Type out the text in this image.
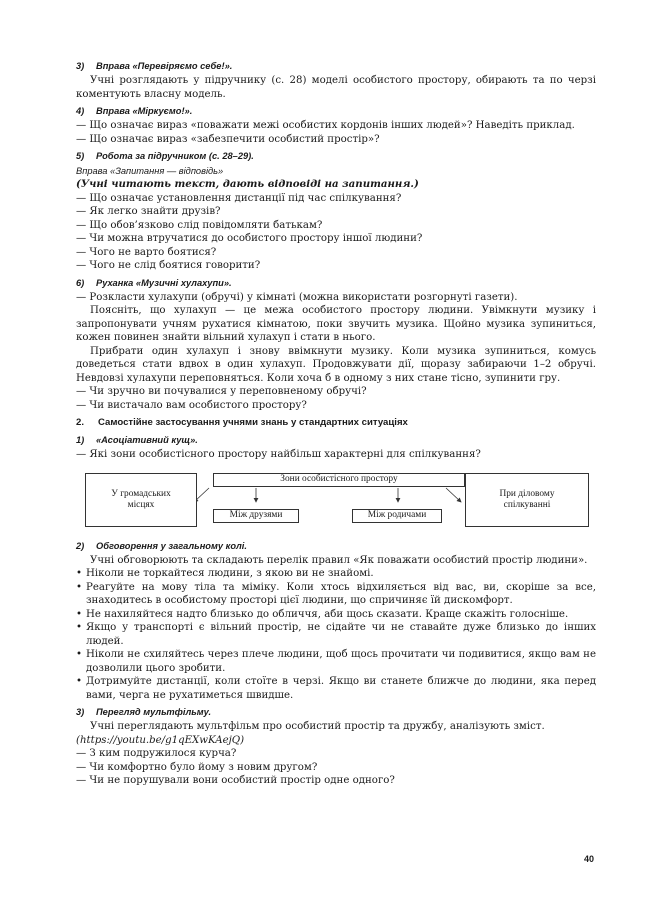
3) Вправа «Перевіряємо себе!».

Учні розглядають у підручнику (с. 28) моделі особистого простору, обирають та по черзі коментують власну модель.

4) Вправа «Міркуємо!».

— Що означає вираз «поважати межі особистих кордонів інших людей»? Наведіть приклад.

— Що означає вираз «забезпечити особистий простір»?

5) Робота за підручником (с. 28–29).
Вправа «Запитання — відповідь»
(Учні читають текст, дають відповіді на запитання.)

— Що означає установлення дистанції під час спілкування?

— Як легко знайти друзів?

— Що обов’язково слід повідомляти батькам?

— Чи можна втручатися до особистого простору іншої людини?

— Чого не варто боятися?

— Чого не слід боятися говорити?

6) Руханка «Музичні хулахупи».

— Розкласти хулахупи (обручі) у кімнаті (можна використати розгорнуті газети).

Поясніть, що хулахуп — це межа особистого простору людини. Увімкнути музику і запропонувати учням рухатися кімнатою, поки звучить музика. Щойно музика зупиниться, кожен повинен знайти вільний хулахуп і стати в нього.

Прибрати один хулахуп і знову ввімкнути музику. Коли музика зупиниться, комусь доведеться стати вдвох в один хулахуп. Продовжувати дії, щоразу забираючи 1–2 обручі. Невдовзі хулахупи переповняться. Коли хоча б в одному з них стане тісно, зупинити гру.

— Чи зручно ви почувалися у переповненому обручі?

— Чи вистачало вам особистого простору?

2. Самостійне застосування учнями знань у стандартних ситуаціях
1) «Асоціативний кущ».

— Які зони особистісного простору найбільш характерні для спілкування?

Зони особистісного простору
У громадських місцях
При діловому спілкуванні
Між друзями	Між родичами
2) Обговорення у загальному колі.

Учні обговорюють та складають перелік правил «Як поважати особистий простір людини».

• Ніколи не торкайтеся людини, з якою ви не знайомі.
• Реагуйте на мову тіла та міміку. Коли хтось відхиляється від вас, ви, скоріше за все, знаходитесь в особистому просторі цієї людини, що спричиняє їй дискомфорт.
• Не нахиляйтеся надто близько до обличчя, аби щось сказати. Краще скажіть голосніше.
• Якщо у транспорті є вільний простір, не сідайте чи не ставайте дуже близько до інших людей.
• Ніколи не схиляйтесь через плече людини, щоб щось прочитати чи подивитися, якщо вам не дозволили цього зробити.
• Дотримуйте дистанції, коли стоїте в черзі. Якщо ви станете ближче до людини, яка перед вами, черга не рухатиметься швидше.
3) Перегляд мультфільму.

Учні переглядають мультфільм про особистий простір та дружбу, аналізують зміст.

(https://youtu.be/g1qEXwKAejQ)

— З ким подружилося курча?

— Чи комфортно було йому з новим другом?

— Чи не порушували вони особистий простір одне одного?

40
